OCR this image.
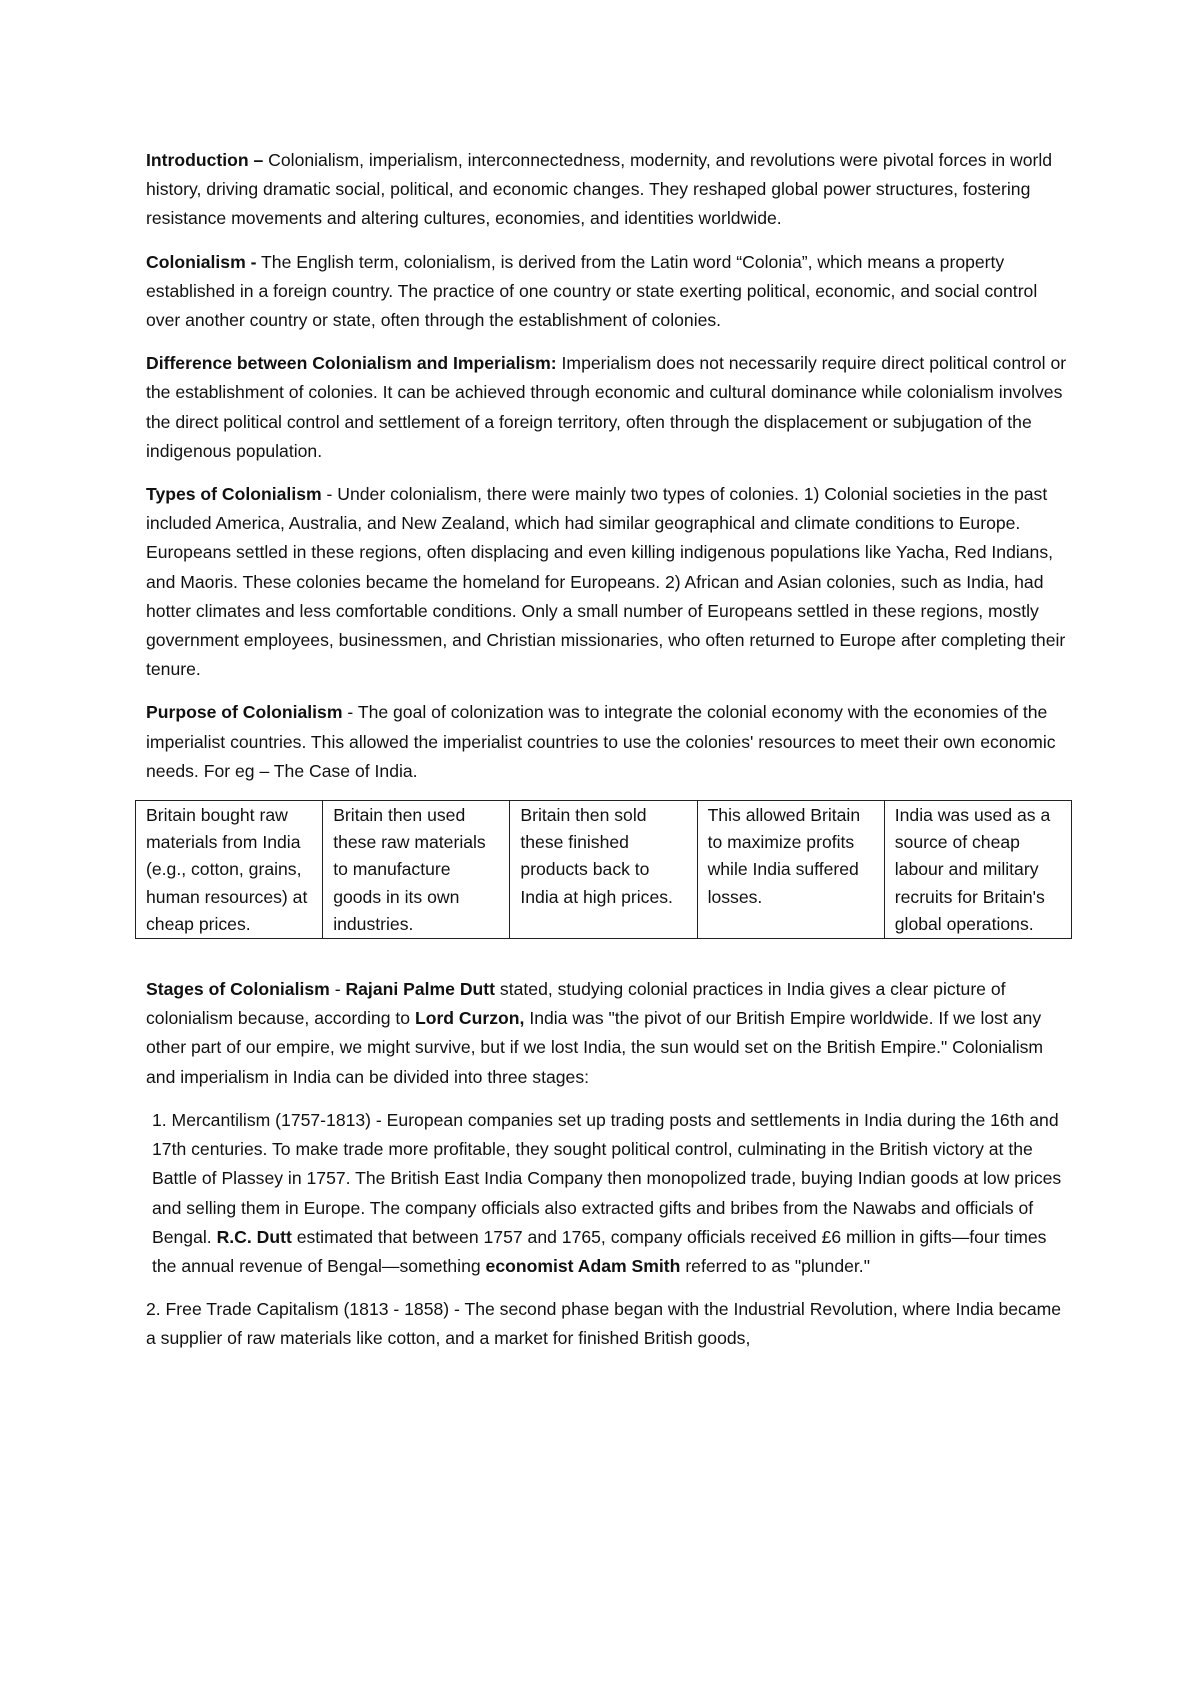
Introduction – Colonialism, imperialism, interconnectedness, modernity, and revolutions were pivotal forces in world history, driving dramatic social, political, and economic changes. They reshaped global power structures, fostering resistance movements and altering cultures, economies, and identities worldwide.

Colonialism - The English term, colonialism, is derived from the Latin word “Colonia”, which means a property established in a foreign country. The practice of one country or state exerting political, economic, and social control over another country or state, often through the establishment of colonies.

Difference between Colonialism and Imperialism: Imperialism does not necessarily require direct political control or the establishment of colonies. It can be achieved through economic and cultural dominance while colonialism involves the direct political control and settlement of a foreign territory, often through the displacement or subjugation of the indigenous population.

Types of Colonialism - Under colonialism, there were mainly two types of colonies. 1) Colonial societies in the past included America, Australia, and New Zealand, which had similar geographical and climate conditions to Europe. Europeans settled in these regions, often displacing and even killing indigenous populations like Yacha, Red Indians, and Maoris. These colonies became the homeland for Europeans. 2) African and Asian colonies, such as India, had hotter climates and less comfortable conditions. Only a small number of Europeans settled in these regions, mostly government employees, businessmen, and Christian missionaries, who often returned to Europe after completing their tenure.

Purpose of Colonialism - The goal of colonization was to integrate the colonial economy with the economies of the imperialist countries. This allowed the imperialist countries to use the colonies' resources to meet their own economic needs. For eg – The Case of India.

Britain bought raw materials from India (e.g., cotton, grains, human resources) at cheap prices.	Britain then used these raw materials to manufacture goods in its own industries.	Britain then sold these finished products back to India at high prices.	This allowed Britain to maximize profits while India suffered losses.	India was used as a source of cheap labour and military recruits for Britain's global operations.

Stages of Colonialism - Rajani Palme Dutt stated, studying colonial practices in India gives a clear picture of colonialism because, according to Lord Curzon, India was "the pivot of our British Empire worldwide. If we lost any other part of our empire, we might survive, but if we lost India, the sun would set on the British Empire." Colonialism and imperialism in India can be divided into three stages:

1. Mercantilism (1757-1813) - European companies set up trading posts and settlements in India during the 16th and 17th centuries. To make trade more profitable, they sought political control, culminating in the British victory at the Battle of Plassey in 1757. The British East India Company then monopolized trade, buying Indian goods at low prices and selling them in Europe. The company officials also extracted gifts and bribes from the Nawabs and officials of Bengal. R.C. Dutt estimated that between 1757 and 1765, company officials received £6 million in gifts—four times the annual revenue of Bengal—something economist Adam Smith referred to as "plunder."

2. Free Trade Capitalism (1813 - 1858) - The second phase began with the Industrial Revolution, where India became a supplier of raw materials like cotton, and a market for finished British goods,
